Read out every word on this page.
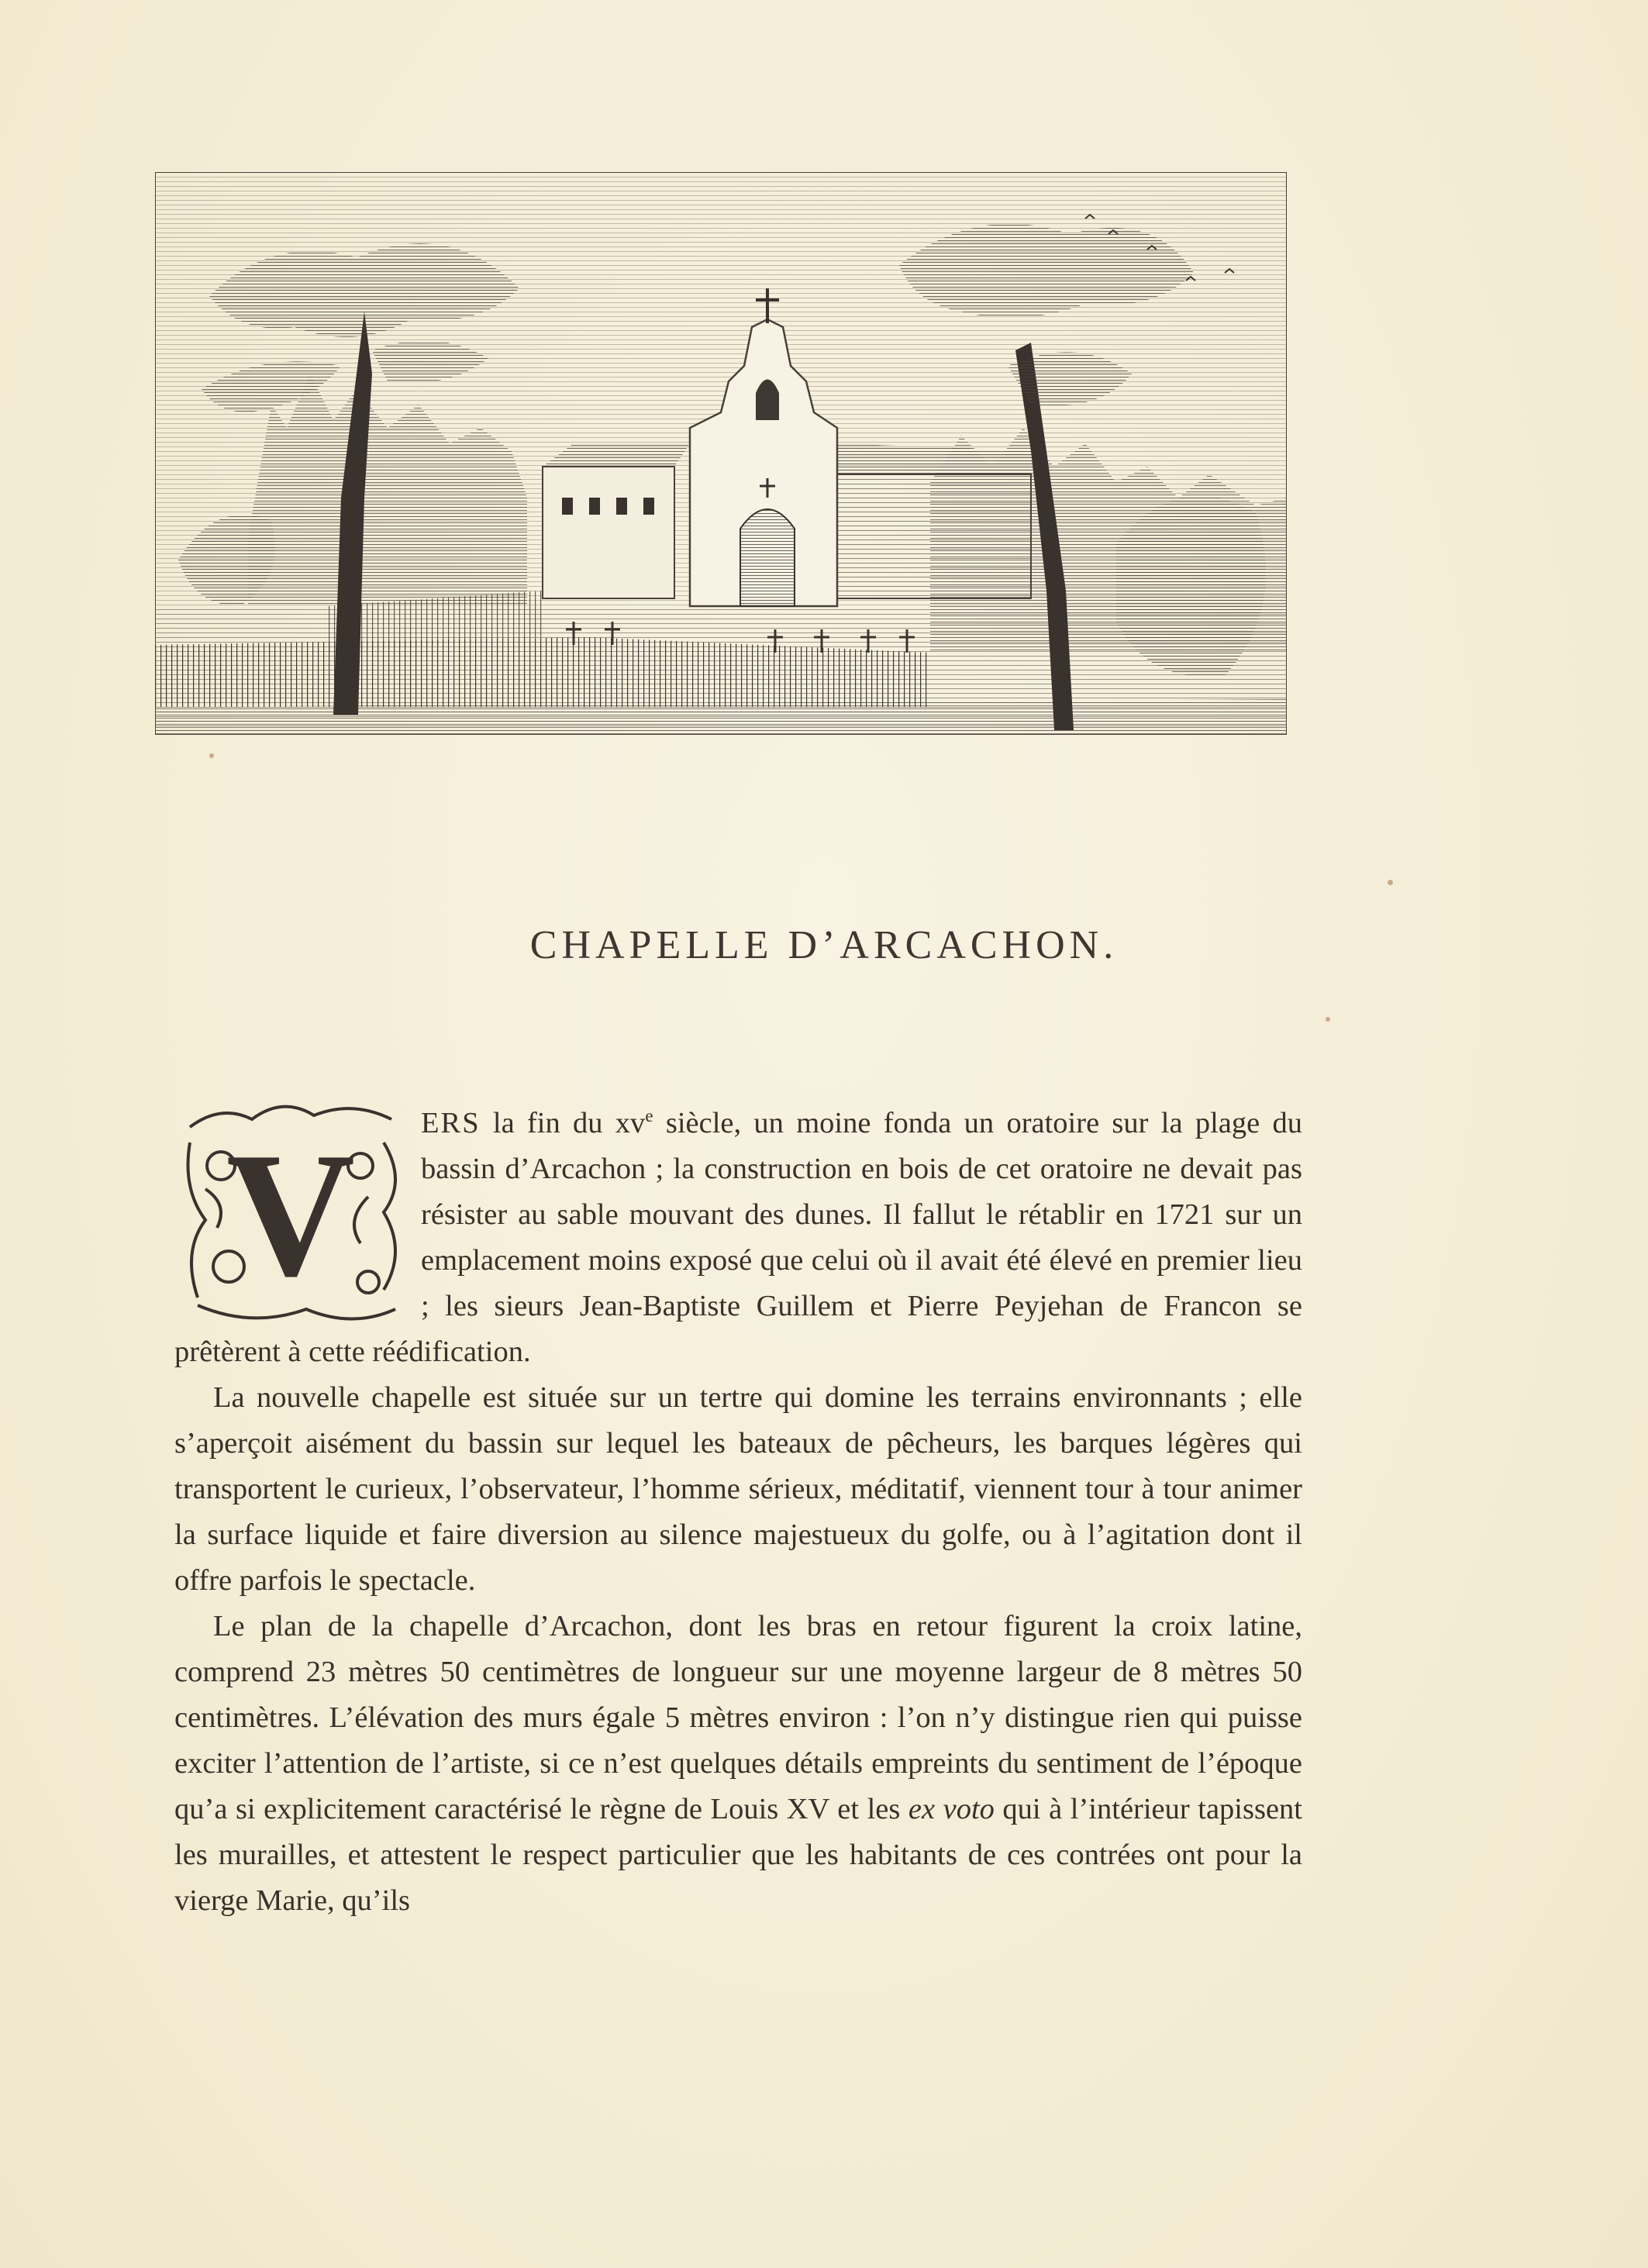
CHAPELLE D’ARCACHON.

V ERS la fin du $xv^e$ siècle, un moine fonda un oratoire sur la plage du bassin d’Arcachon ; la construction en bois de cet oratoire ne devait pas résister au sable mouvant des dunes. Il fallut le rétablir en 1721 sur un emplacement moins exposé que celui où il avait été élevé en premier lieu ; les sieurs Jean-Baptiste Guillem et Pierre Peyjehan de Francon se prêtèrent à cette réédification.

La nouvelle chapelle est située sur un tertre qui domine les terrains environnants ; elle s’aperçoit aisément du bassin sur lequel les bateaux de pêcheurs, les barques légères qui transportent le curieux, l’observateur, l’homme sérieux, méditatif, viennent tour à tour animer la surface liquide et faire diversion au silence majestueux du golfe, ou à l’agitation dont il offre parfois le spectacle.

Le plan de la chapelle d’Arcachon, dont les bras en retour figurent la croix latine, comprend 23 mètres 50 centimètres de longueur sur une moyenne largeur de 8 mètres 50 centimètres. L’élévation des murs égale 5 mètres environ : l’on n’y distingue rien qui puisse exciter l’attention de l’artiste, si ce n’est quelques détails empreints du sentiment de l’époque qu’a si explicitement caractérisé le règne de Louis XV et les ex voto qui à l’intérieur tapissent les murailles, et attestent le respect particulier que les habitants de ces contrées ont pour la vierge Marie, qu’ils
